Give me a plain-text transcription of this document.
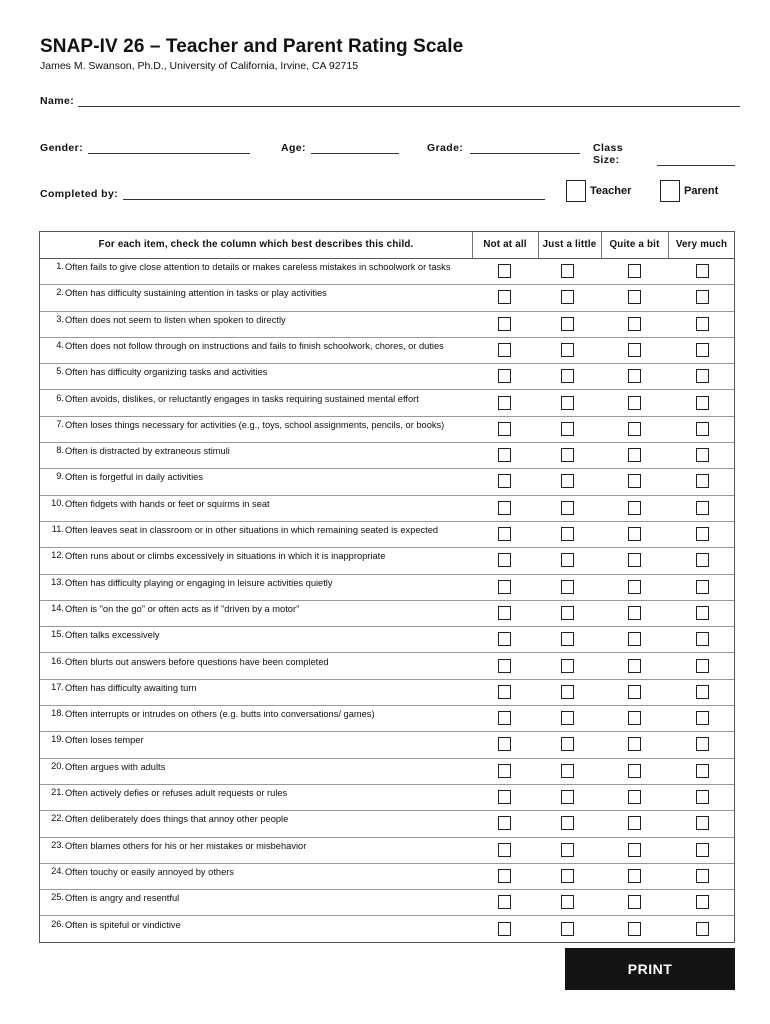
SNAP-IV 26 – Teacher and Parent Rating Scale
James M. Swanson, Ph.D., University of California, Irvine, CA 92715
Name:
Gender:	Age:	Grade:	Class Size:
Completed by:	Teacher	Parent
For each item, check the column which best describes this child.	Not at all	Just a little	Quite a bit	Very much
1. Often fails to give close attention to details or makes careless mistakes in schoolwork or tasks
2. Often has difficulty sustaining attention in tasks or play activities
3. Often does not seem to listen when spoken to directly
4. Often does not follow through on instructions and fails to finish schoolwork, chores, or duties
5. Often has difficulty organizing tasks and activities
6. Often avoids, dislikes, or reluctantly engages in tasks requiring sustained mental effort
7. Often loses things necessary for activities (e.g., toys, school assignments, pencils, or books)
8. Often is distracted by extraneous stimuli
9. Often is forgetful in daily activities
10. Often fidgets with hands or feet or squirms in seat
11. Often leaves seat in classroom or in other situations in which remaining seated is expected
12. Often runs about or climbs excessively in situations in which it is inappropriate
13. Often has difficulty playing or engaging in leisure activities quietly
14. Often is "on the go" or often acts as if "driven by a motor"
15. Often talks excessively
16. Often blurts out answers before questions have been completed
17. Often has difficulty awaiting turn
18. Often interrupts or intrudes on others (e.g. butts into conversations/ games)
19. Often loses temper
20. Often argues with adults
21. Often actively defies or refuses adult requests or rules
22. Often deliberately does things that annoy other people
23. Often blames others for his or her mistakes or misbehavior
24. Often touchy or easily annoyed by others
25. Often is angry and resentful
26. Often is spiteful or vindictive
PRINT
